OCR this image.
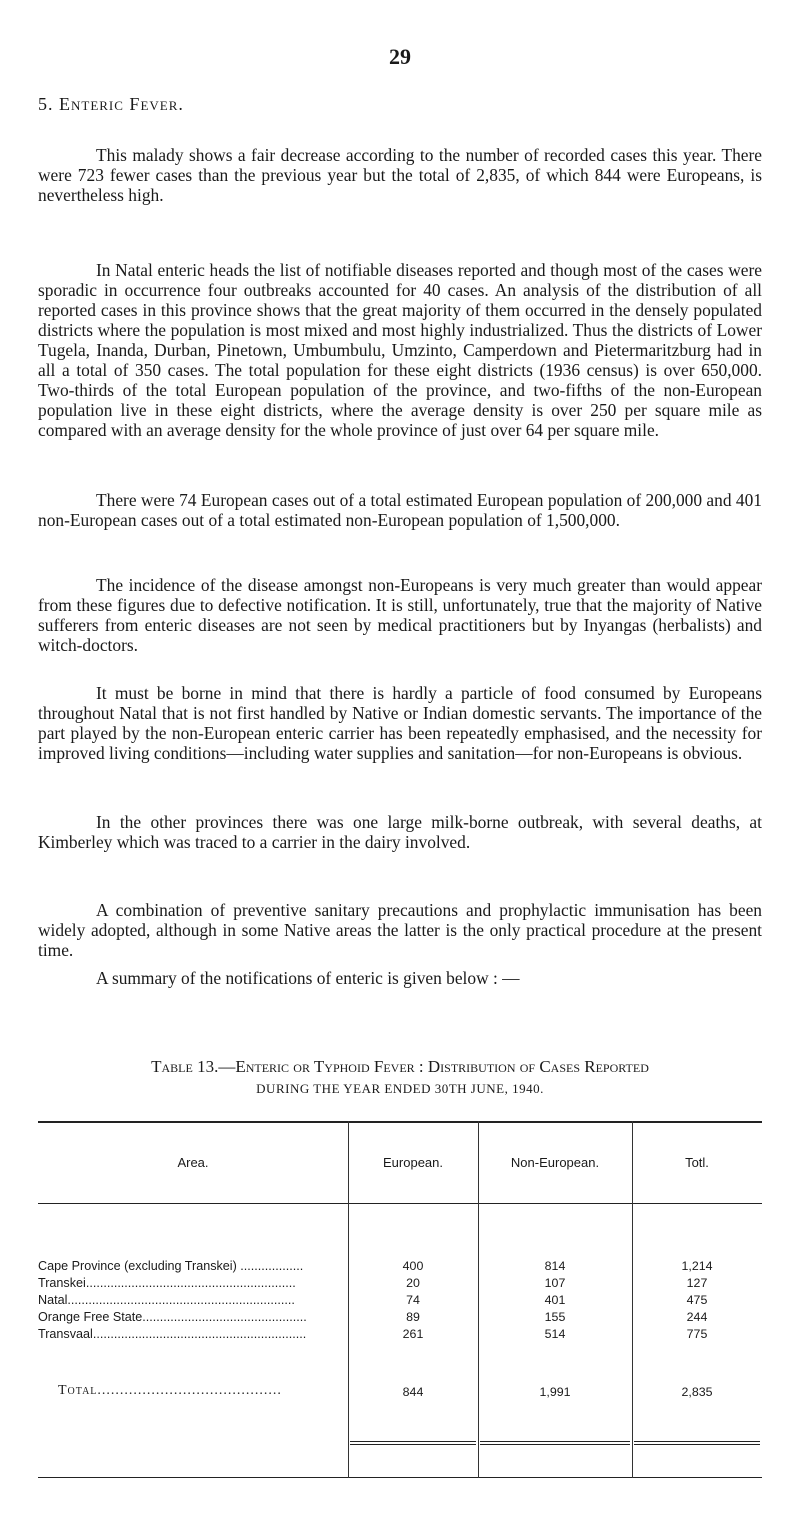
29
5. Enteric Fever.

This malady shows a fair decrease according to the number of recorded cases this year. There were 723 fewer cases than the previous year but the total of 2,835, of which 844 were Europeans, is nevertheless high.

In Natal enteric heads the list of notifiable diseases reported and though most of the cases were sporadic in occurrence four outbreaks accounted for 40 cases. An analysis of the distribution of all reported cases in this province shows that the great majority of them occurred in the densely populated districts where the population is most mixed and most highly industrialized. Thus the districts of Lower Tugela, Inanda, Durban, Pinetown, Umbumbulu, Umzinto, Camperdown and Pietermaritzburg had in all a total of 350 cases. The total population for these eight districts (1936 census) is over 650,000. Two-thirds of the total European population of the province, and two-fifths of the non-European population live in these eight districts, where the average density is over 250 per square mile as compared with an average density for the whole province of just over 64 per square mile.

There were 74 European cases out of a total estimated European population of 200,000 and 401 non-European cases out of a total estimated non-European population of 1,500,000.

The incidence of the disease amongst non-Europeans is very much greater than would appear from these figures due to defective notification. It is still, unfortunately, true that the majority of Native sufferers from enteric diseases are not seen by medical practitioners but by Inyangas (herbalists) and witch-doctors.

It must be borne in mind that there is hardly a particle of food consumed by Europeans throughout Natal that is not first handled by Native or Indian domestic servants. The importance of the part played by the non-European enteric carrier has been repeatedly emphasised, and the necessity for improved living conditions—including water supplies and sanitation—for non-Europeans is obvious.

In the other provinces there was one large milk-borne outbreak, with several deaths, at Kimberley which was traced to a carrier in the dairy involved.

A combination of preventive sanitary precautions and prophylactic immunisation has been widely adopted, although in some Native areas the latter is the only practical procedure at the present time.

A summary of the notifications of enteric is given below : —

Table 13.—Enteric or Typhoid Fever : Distribution of Cases Reported
DURING THE YEAR ENDED 30TH JUNE, 1940.
Area.	European.	Non-European.	Totl.
Cape Province (excluding Transkei) ..................	400	814	1,214
Transkei............................................................	20	107	127
Natal.................................................................	74	401	475
Orange Free State...............................................	89	155	244
Transvaal.............................................................	261	514	775
Total.........................................	844	1,991	2,835
